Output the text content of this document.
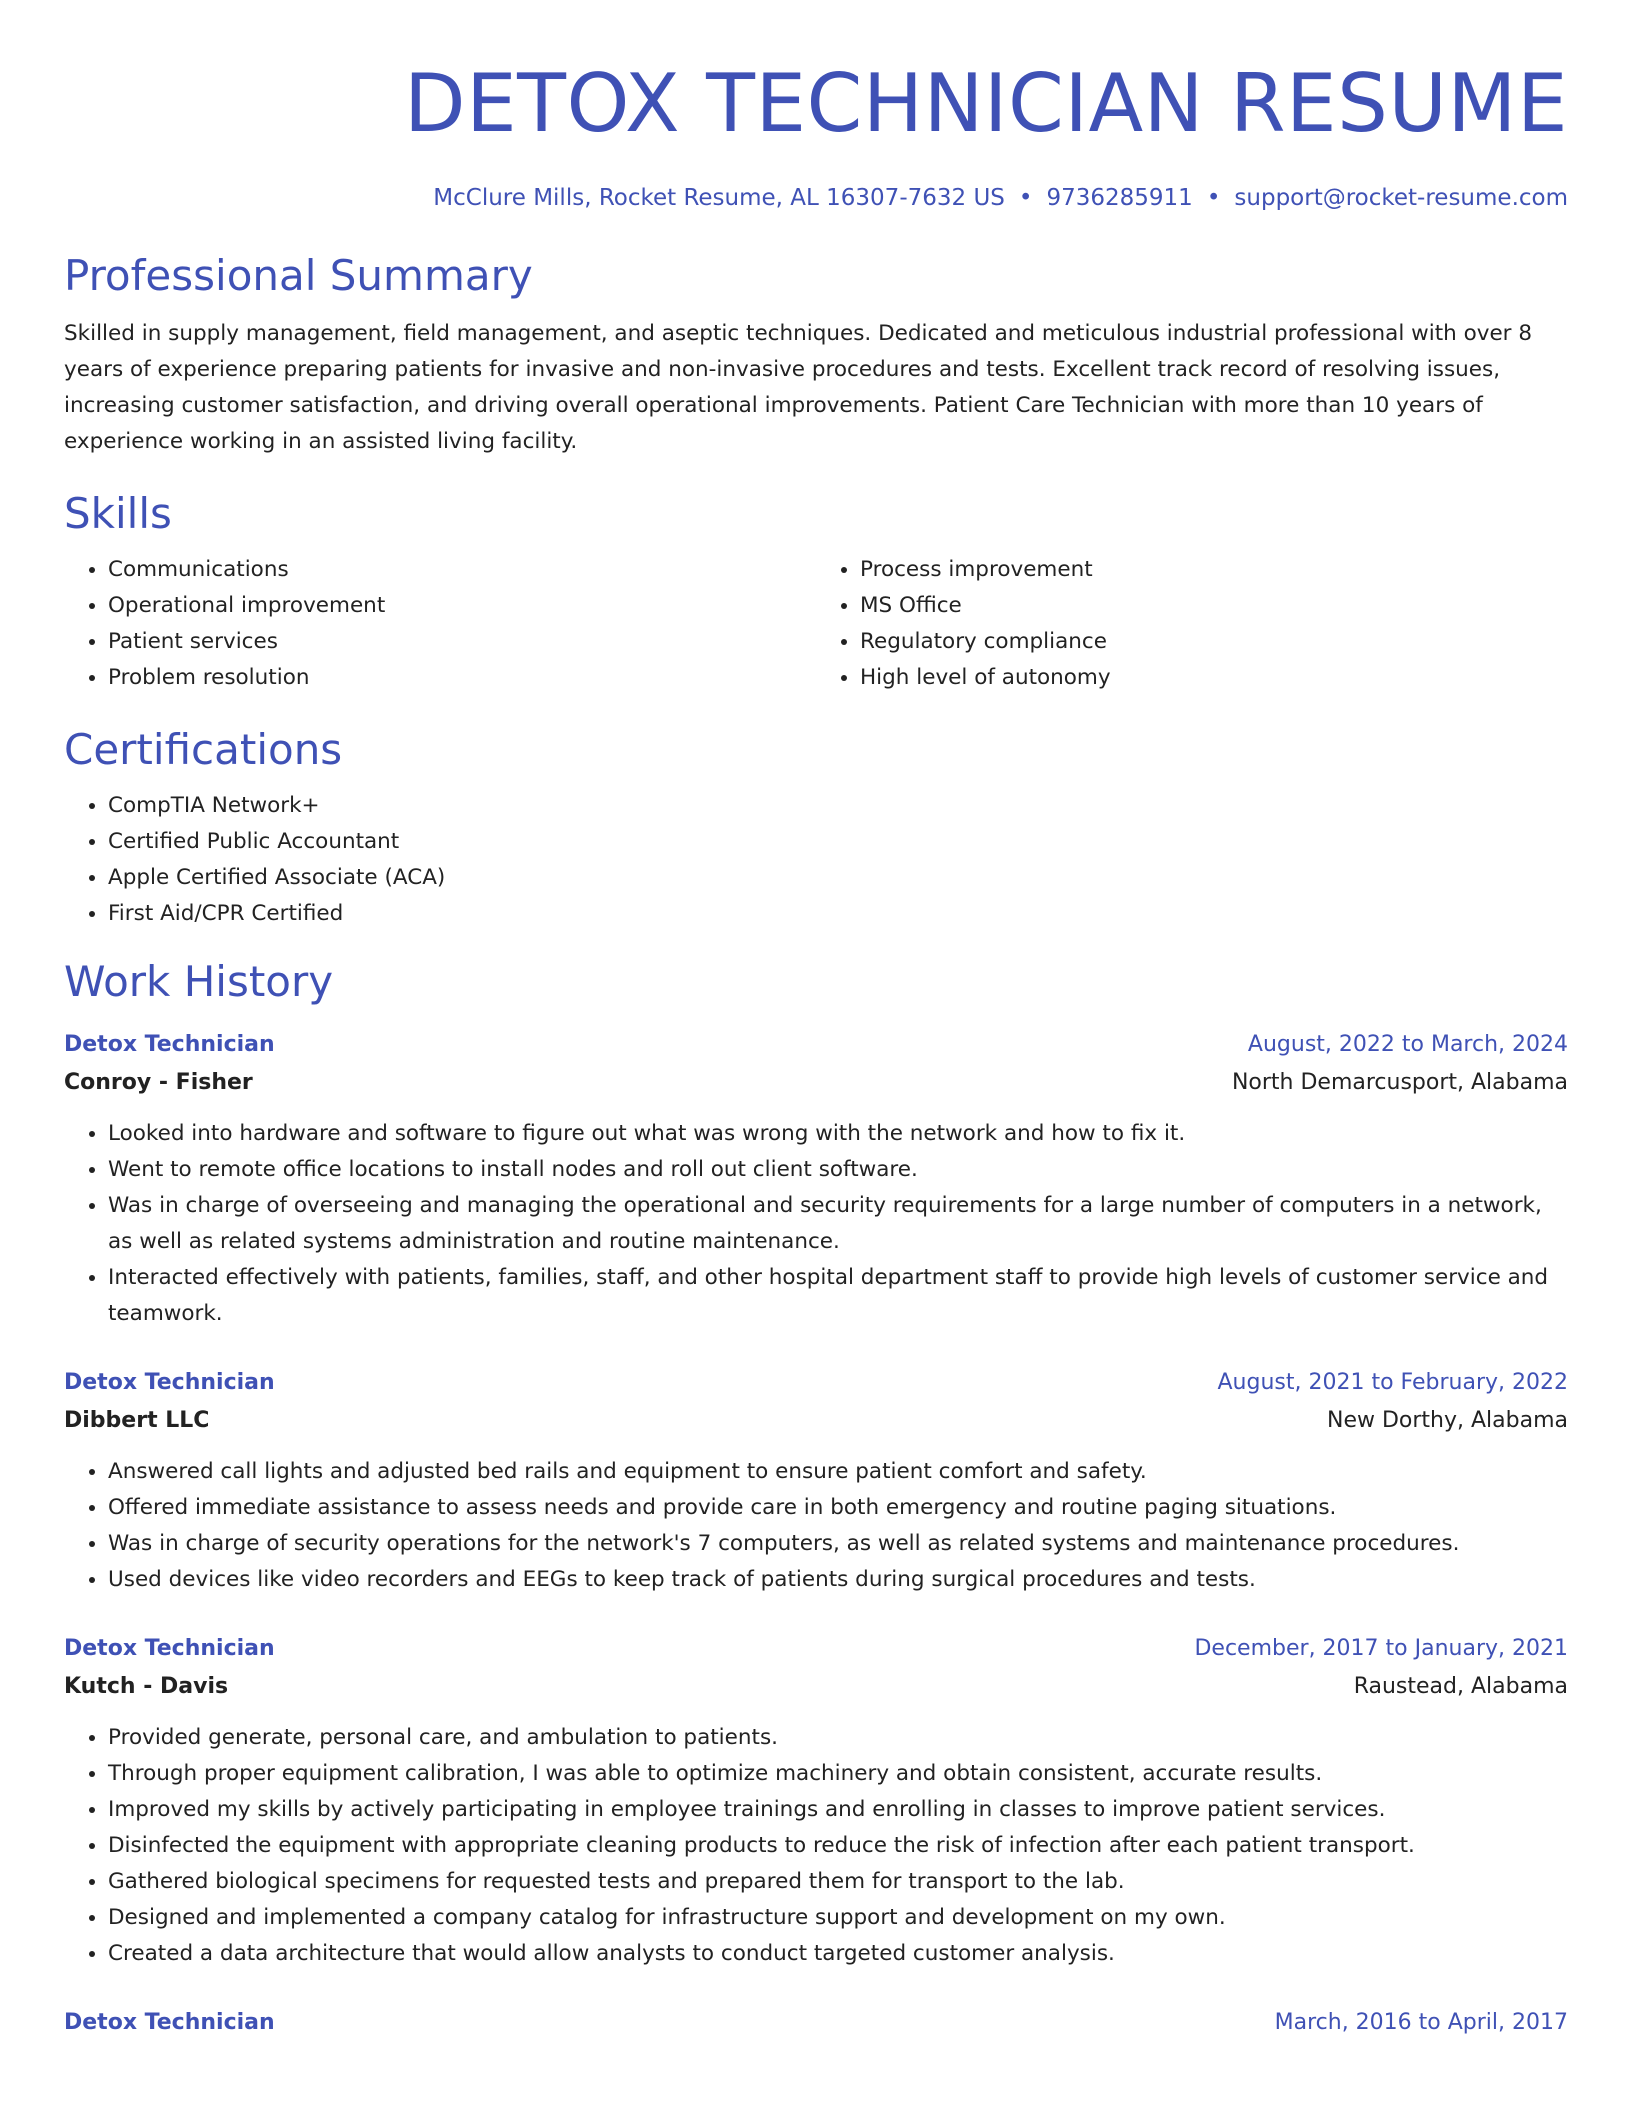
DETOX TECHNICIAN RESUME
McClure Mills, Rocket Resume, AL 16307-7632 US • 9736285911 • support@rocket-resume.com
Professional Summary

Skilled in supply management, field management, and aseptic techniques. Dedicated and meticulous industrial professional with over 8 years of experience preparing patients for invasive and non-invasive procedures and tests. Excellent track record of resolving issues, increasing customer satisfaction, and driving overall operational improvements. Patient Care Technician with more than 10 years of experience working in an assisted living facility.

Skills
• Communications
• Operational improvement
• Patient services
• Problem resolution
• Process improvement
• MS Office
• Regulatory compliance
• High level of autonomy
Certifications
• CompTIA Network+
• Certified Public Accountant
• Apple Certified Associate (ACA)
• First Aid/CPR Certified
Work History
Detox Technician	August, 2022 to March, 2024
Conroy - Fisher	North Demarcusport, Alabama
• Looked into hardware and software to figure out what was wrong with the network and how to fix it.
• Went to remote office locations to install nodes and roll out client software.
• Was in charge of overseeing and managing the operational and security requirements for a large number of computers in a network, as well as related systems administration and routine maintenance.
• Interacted effectively with patients, families, staff, and other hospital department staff to provide high levels of customer service and teamwork.
Detox Technician	August, 2021 to February, 2022
Dibbert LLC	New Dorthy, Alabama
• Answered call lights and adjusted bed rails and equipment to ensure patient comfort and safety.
• Offered immediate assistance to assess needs and provide care in both emergency and routine paging situations.
• Was in charge of security operations for the network's 7 computers, as well as related systems and maintenance procedures.
• Used devices like video recorders and EEGs to keep track of patients during surgical procedures and tests.
Detox Technician	December, 2017 to January, 2021
Kutch - Davis	Raustead, Alabama
• Provided generate, personal care, and ambulation to patients.
• Through proper equipment calibration, I was able to optimize machinery and obtain consistent, accurate results.
• Improved my skills by actively participating in employee trainings and enrolling in classes to improve patient services.
• Disinfected the equipment with appropriate cleaning products to reduce the risk of infection after each patient transport.
• Gathered biological specimens for requested tests and prepared them for transport to the lab.
• Designed and implemented a company catalog for infrastructure support and development on my own.
• Created a data architecture that would allow analysts to conduct targeted customer analysis.
Detox Technician	March, 2016 to April, 2017
